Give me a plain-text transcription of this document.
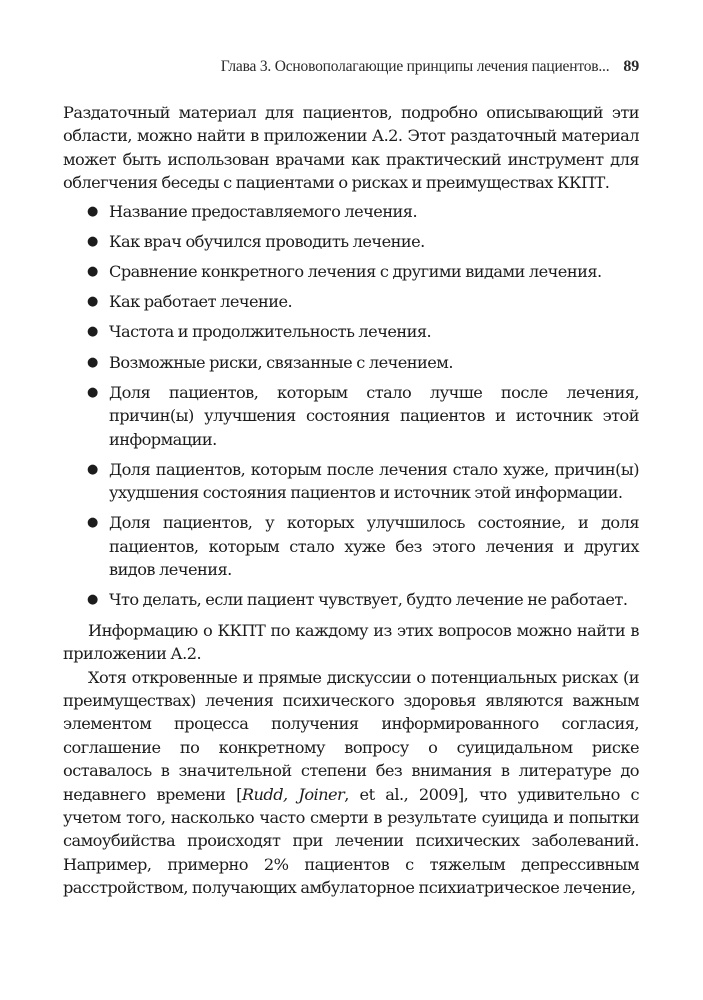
Глава 3. Основополагающие принципы лечения пациентов... 89

Раздаточный материал для пациентов, подробно описывающий эти области, можно найти в приложении А.2. Этот раздаточный материал может быть использован врачами как практический инструмент для облегчения беседы с пациентами о рисках и преимуществах ККПТ.

● Название предоставляемого лечения.
● Как врач обучился проводить лечение.
● Сравнение конкретного лечения с другими видами лечения.
● Как работает лечение.
● Частота и продолжительность лечения.
● Возможные риски, связанные с лечением.
● Доля пациентов, которым стало лучше после лечения, причин(ы) улучшения состояния пациентов и источник этой информации.
● Доля пациентов, которым после лечения стало хуже, причин(ы) ухудшения состояния пациентов и источник этой информации.
● Доля пациентов, у которых улучшилось состояние, и доля пациентов, которым стало хуже без этого лечения и других видов лечения.
● Что делать, если пациент чувствует, будто лечение не работает.

Информацию о ККПТ по каждому из этих вопросов можно найти в приложении А.2.

Хотя откровенные и прямые дискуссии о потенциальных рисках (и преимуществах) лечения психического здоровья являются важным элементом процесса получения информированного согласия, соглашение по конкретному вопросу о суицидальном риске оставалось в значительной степени без внимания в литературе до недавнего времени [Rudd, Joiner, et al., 2009], что удивительно с учетом того, насколько часто смерти в результате суицида и попытки самоубийства происходят при лечении психических заболеваний. Например, примерно 2% пациентов с тяжелым депрессивным расстройством, получающих амбулаторное психиатрическое лечение,
